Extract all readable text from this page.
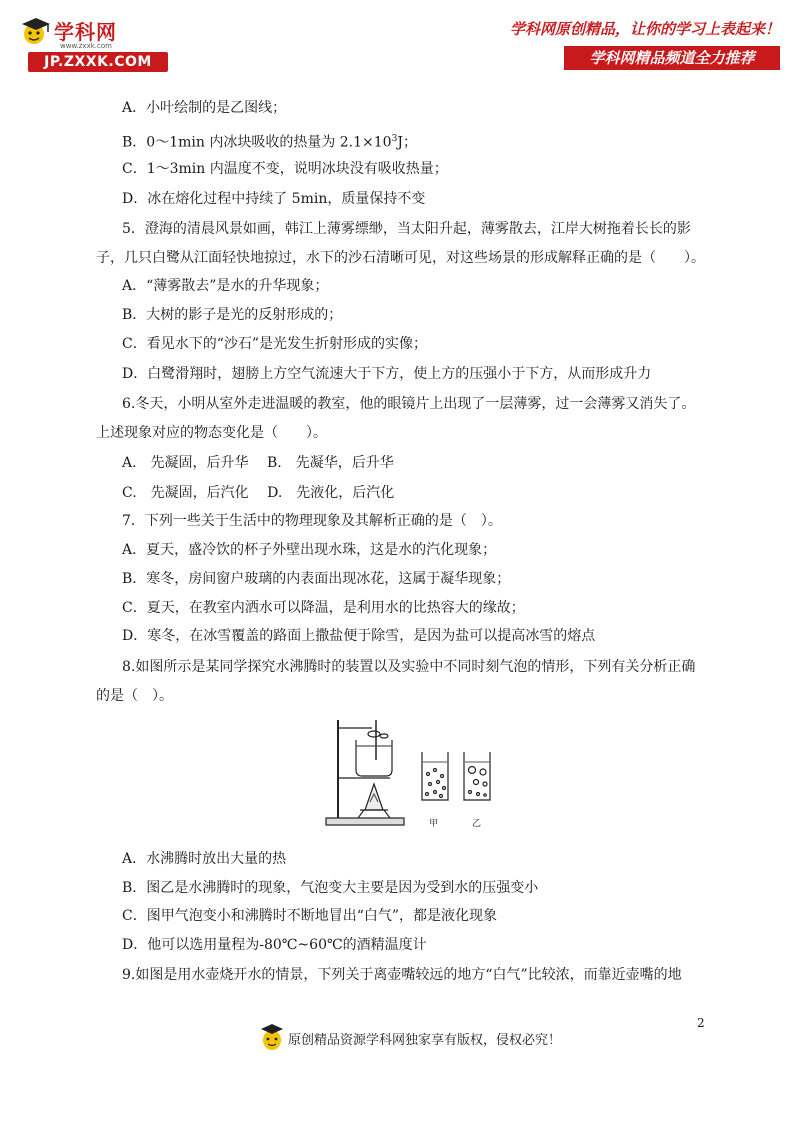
学科网
www.zxxk.com
JP.ZXXK.COM
学科网原创精品，让你的学习上表起来！
学科网精品频道全力推荐
A．小叶绘制的是乙图线；
B．0～1min 内冰块吸收的热量为 $2.1\times 10^3J$；
C．1～3min 内温度不变，说明冰块没有吸收热量；
D．冰在熔化过程中持续了 5min，质量保持不变
5．澄海的清晨风景如画，韩江上薄雾缥缈，当太阳升起，薄雾散去，江岸大树拖着长长的影
子，几只白鹭从江面轻快地掠过，水下的沙石清晰可见，对这些场景的形成解释正确的是（　　）。
A．“薄雾散去”是水的升华现象；
B．大树的影子是光的反射形成的；
C．看见水下的“沙石”是光发生折射形成的实像；
D．白鹭滑翔时，翅膀上方空气流速大于下方，使上方的压强小于下方，从而形成升力
6.冬天，小明从室外走进温暖的教室，他的眼镜片上出现了一层薄雾，过一会薄雾又消失了。
上述现象对应的物态变化是（　　）。
A.　先凝固，后升华　 B.　先凝华，后升华
C.　先凝固，后汽化　 D.　先液化，后汽化
7．下列一些关于生活中的物理现象及其解析正确的是（　）。
A．夏天，盛冷饮的杯子外壁出现水珠，这是水的汽化现象；
B．寒冬，房间窗户玻璃的内表面出现冰花，这属于凝华现象；
C．夏天，在教室内洒水可以降温，是利用水的比热容大的缘故；
D．寒冬，在冰雪覆盖的路面上撒盐便于除雪，是因为盐可以提高冰雪的熔点
8.如图所示是某同学探究水沸腾时的装置以及实验中不同时刻气泡的情形，下列有关分析正确
的是（　）。
甲	乙
A．水沸腾时放出大量的热
B．图乙是水沸腾时的现象，气泡变大主要是因为受到水的压强变小
C．图甲气泡变小和沸腾时不断地冒出“白气”，都是液化现象
D．他可以选用量程为-80℃~60℃的酒精温度计
9.如图是用水壶烧开水的情景，下列关于离壶嘴较远的地方“白气”比较浓，而靠近壶嘴的地
2
原创精品资源学科网独家享有版权，侵权必究！
